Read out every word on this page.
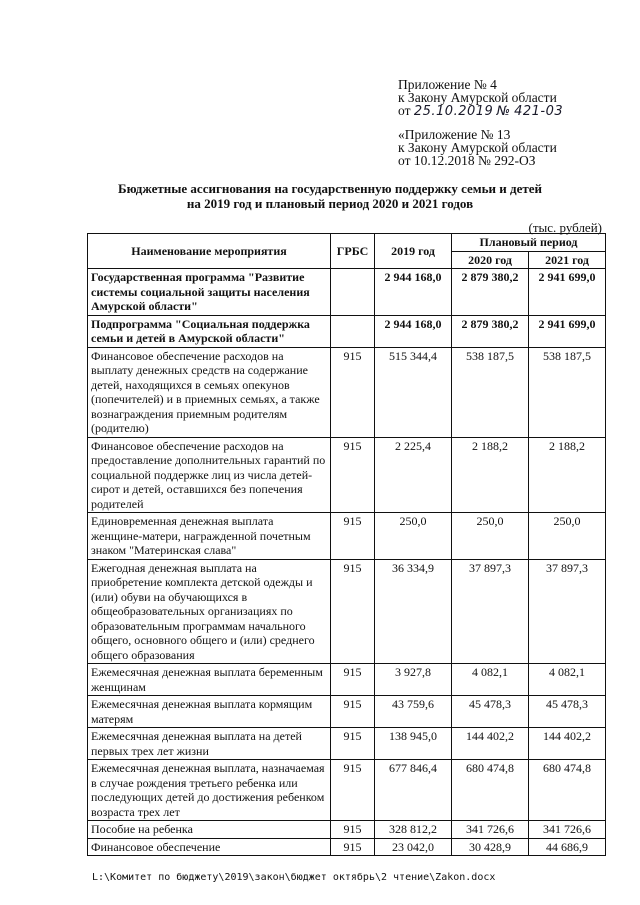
Приложение № 4
к Закону Амурской области
от 25.10.2019 № 421-03
«Приложение № 13
к Закону Амурской области
от 10.12.2018 № 292-ОЗ
Бюджетные ассигнования на государственную поддержку семьи и детей
на 2019 год и плановый период 2020 и 2021 годов
(тыс. рублей)
Наименование мероприятия	ГРБС	2019 год	Плановый период	
			2020 год	2021 год
Государственная программа "Развитие системы социальной защиты населения Амурской области"		2 944 168,0	2 879 380,2	2 941 699,0
Подпрограмма "Социальная поддержка семьи и детей в Амурской области"		2 944 168,0	2 879 380,2	2 941 699,0
Финансовое обеспечение расходов на выплату денежных средств на содержание детей, находящихся в семьях опекунов (попечителей) и в приемных семьях, а также вознаграждения приемным родителям (родителю)	915	515 344,4	538 187,5	538 187,5
Финансовое обеспечение расходов на предоставление дополнительных гарантий по социальной поддержке лиц из числа детей-сирот и детей, оставшихся без попечения родителей	915	2 225,4	2 188,2	2 188,2
Единовременная денежная выплата женщине-матери, награжденной почетным знаком "Материнская слава"	915	250,0	250,0	250,0
Ежегодная денежная выплата на приобретение комплекта детской одежды и (или) обуви на обучающихся в общеобразовательных организациях по образовательным программам начального общего, основного общего и (или) среднего общего образования	915	36 334,9	37 897,3	37 897,3
Ежемесячная денежная выплата беременным женщинам	915	3 927,8	4 082,1	4 082,1
Ежемесячная денежная выплата кормящим матерям	915	43 759,6	45 478,3	45 478,3
Ежемесячная денежная выплата на детей первых трех лет жизни	915	138 945,0	144 402,2	144 402,2
Ежемесячная денежная выплата, назначаемая в случае рождения третьего ребенка или последующих детей до достижения ребенком возраста трех лет	915	677 846,4	680 474,8	680 474,8
Пособие на ребенка	915	328 812,2	341 726,6	341 726,6
Финансовое обеспечение	915	23 042,0	30 428,9	44 686,9
L:\Комитет по бюджету\2019\закон\бюджет октябрь\2 чтение\Zakon.docx
